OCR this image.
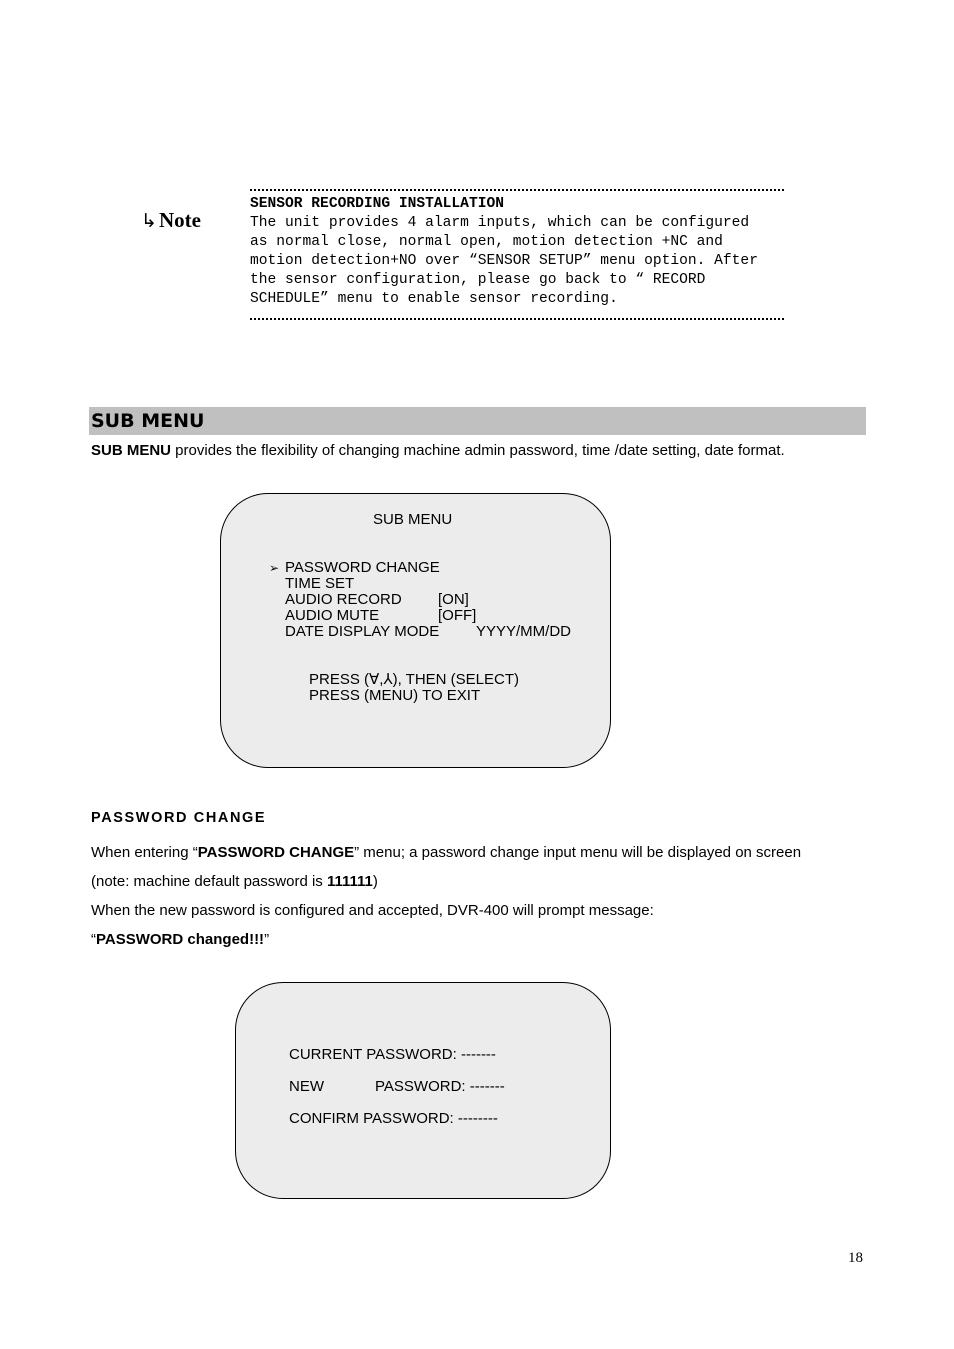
↳Note
SENSOR RECORDING INSTALLATION
The unit provides 4 alarm inputs, which can be configured
as normal close, normal open, motion detection +NC and
motion detection+NO over “SENSOR SETUP” menu option. After
the sensor configuration, please go back to “ RECORD
SCHEDULE” menu to enable sensor recording.
SUB MENU
SUB MENU provides the flexibility of changing machine admin password, time /date setting, date format.
SUB MENU
➢ PASSWORD CHANGE
TIME SET
AUDIO RECORD [ON]
AUDIO MUTE	[OFF]
DATE DISPLAY MODE YYYY/MM/DD
PRESS (Ɐ,⅄), THEN (SELECT)
PRESS (MENU) TO EXIT
PASSWORD CHANGE
When entering “PASSWORD CHANGE” menu; a password change input menu will be displayed on screen
(note: machine default password is 111111)
When the new password is configured and accepted, DVR-400 will prompt message:
“PASSWORD changed!!!”
CURRENT PASSWORD: -------
NEW	PASSWORD: -------
CONFIRM PASSWORD: --------
18
